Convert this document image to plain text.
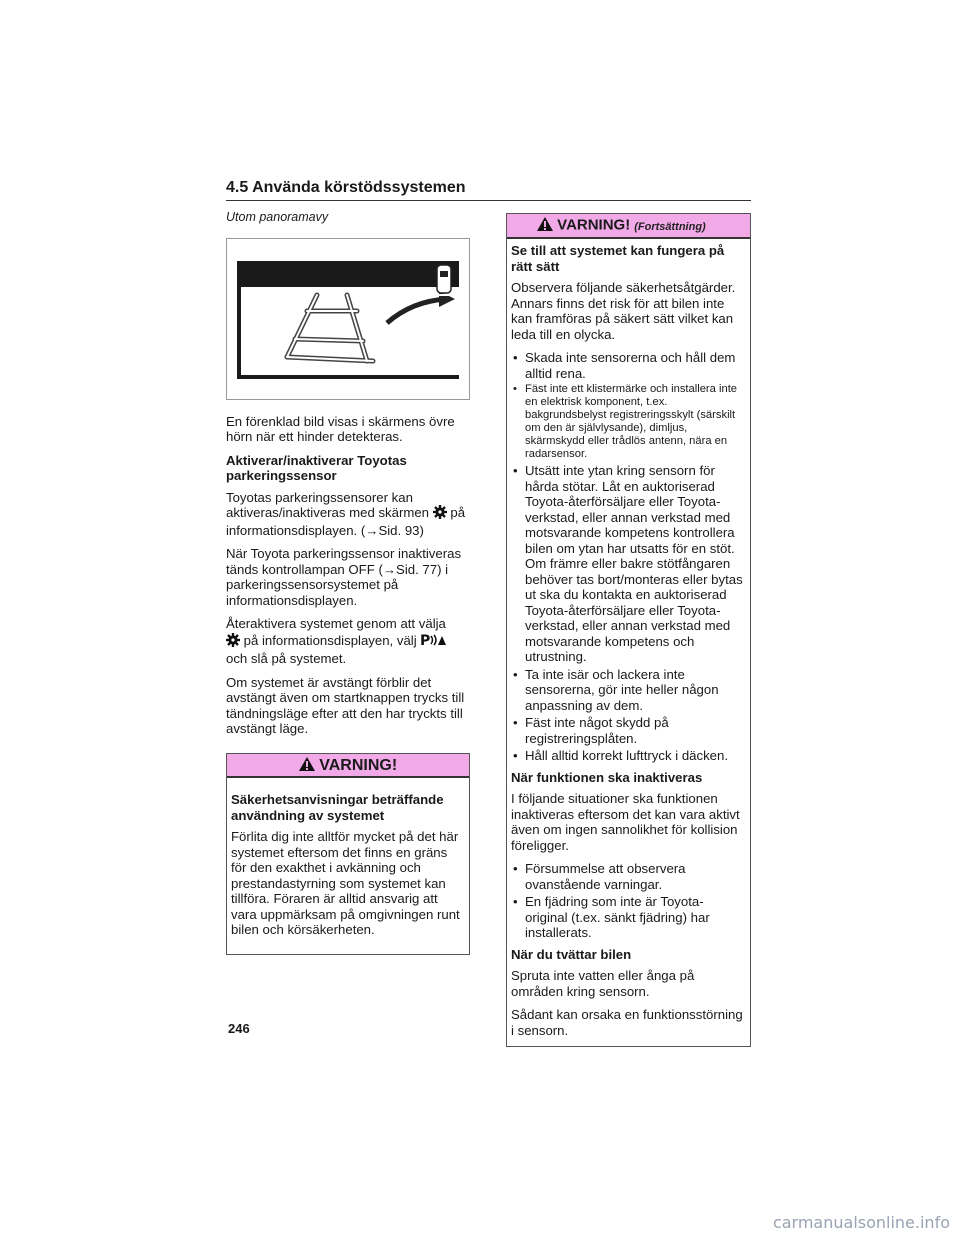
4.5 Använda körstödssystemen

Utom panoramavy

En förenklad bild visas i skärmens övre hörn när ett hinder detekteras.

Aktiverar/inaktiverar Toyotas parkeringssensor

Toyotas parkeringssensorer kan aktiveras/inaktiveras med skärmen på informationsdisplayen. (→Sid. 93)

När Toyota parkeringssensor inaktiveras tänds kontrollampan OFF (→Sid. 77) i parkeringssensorsystemet på informationsdisplayen.

Återaktivera systemet genom att välja
på informationsdisplayen, välj P

och slå på systemet.

Om systemet är avstängt förblir det avstängt även om startknappen trycks till tändningsläge efter att den har tryckts till avstängt läge.

VARNING!

Säkerhetsanvisningar beträffande användning av systemet

Förlita dig inte alltför mycket på det här systemet eftersom det finns en gräns för den exakthet i avkänning och prestandastyrning som systemet kan tillföra. Föraren är alltid ansvarig att vara uppmärksam på omgivningen runt bilen och körsäkerheten.

VARNING! (Fortsättning)

Se till att systemet kan fungera på rätt sätt

Observera följande säkerhetsåtgärder. Annars finns det risk för att bilen inte kan framföras på säkert sätt vilket kan leda till en olycka.

• Skada inte sensorerna och håll dem alltid rena.
• Fäst inte ett klistermärke och installera inte en elektrisk komponent, t.ex. bakgrundsbelyst registreringsskylt (särskilt om den är självlysande), dimljus, skärmskydd eller trådlös antenn, nära en radarsensor.
• Utsätt inte ytan kring sensorn för hårda stötar. Låt en auktoriserad Toyota-återförsäljare eller Toyota-verkstad, eller annan verkstad med motsvarande kompetens kontrollera bilen om ytan har utsatts för en stöt. Om främre eller bakre stötfångaren behöver tas bort/monteras eller bytas ut ska du kontakta en auktoriserad Toyota-återförsäljare eller Toyota-verkstad, eller annan verkstad med motsvarande kompetens och utrustning.
• Ta inte isär och lackera inte sensorerna, gör inte heller någon anpassning av dem.
• Fäst inte något skydd på registreringsplåten.
• Håll alltid korrekt lufttryck i däcken.

När funktionen ska inaktiveras

I följande situationer ska funktionen inaktiveras eftersom det kan vara aktivt även om ingen sannolikhet för kollision föreligger.

• Försummelse att observera ovanstående varningar.
• En fjädring som inte är Toyota-original (t.ex. sänkt fjädring) har installerats.

När du tvättar bilen

Spruta inte vatten eller ånga på områden kring sensorn.

Sådant kan orsaka en funktionsstörning i sensorn.

246
carmanualsonline.info
